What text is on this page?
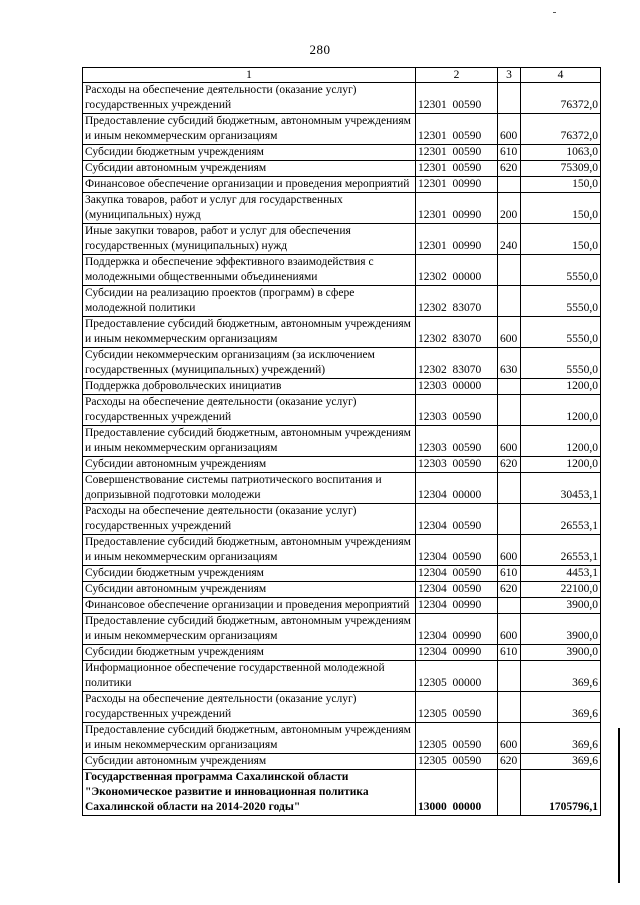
280
1	2	3	4
Расходы на обеспечение деятельности (оказание услуг) государственных учреждений	12301  00590		76372,0
Предоставление субсидий бюджетным, автономным учреждениям и иным некоммерческим организациям	12301  00590	600	76372,0
Субсидии бюджетным учреждениям	12301  00590	610	1063,0
Субсидии автономным учреждениям	12301  00590	620	75309,0
Финансовое обеспечение организации и проведения мероприятий	12301  00990		150,0
Закупка товаров, работ и услуг для государственных (муниципальных) нужд	12301  00990	200	150,0
Иные закупки товаров, работ и услуг для обеспечения государственных (муниципальных) нужд	12301  00990	240	150,0
Поддержка и обеспечение эффективного взаимодействия с молодежными общественными объединениями	12302  00000		5550,0
Субсидии на реализацию проектов (программ) в сфере молодежной политики	12302  83070		5550,0
Предоставление субсидий бюджетным, автономным учреждениям и иным некоммерческим организациям	12302  83070	600	5550,0
Субсидии некоммерческим организациям (за исключением государственных (муниципальных) учреждений)	12302  83070	630	5550,0
Поддержка добровольческих инициатив	12303  00000		1200,0
Расходы на обеспечение деятельности (оказание услуг) государственных учреждений	12303  00590		1200,0
Предоставление субсидий бюджетным, автономным учреждениям и иным некоммерческим организациям	12303  00590	600	1200,0
Субсидии автономным учреждениям	12303  00590	620	1200,0
Совершенствование системы патриотического воспитания и допризывной подготовки молодежи	12304  00000		30453,1
Расходы на обеспечение деятельности (оказание услуг) государственных учреждений	12304  00590		26553,1
Предоставление субсидий бюджетным, автономным учреждениям и иным некоммерческим организациям	12304  00590	600	26553,1
Субсидии бюджетным учреждениям	12304  00590	610	4453,1
Субсидии автономным учреждениям	12304  00590	620	22100,0
Финансовое обеспечение организации и проведения мероприятий	12304  00990		3900,0
Предоставление субсидий бюджетным, автономным учреждениям и иным некоммерческим организациям	12304  00990	600	3900,0
Субсидии бюджетным учреждениям	12304  00990	610	3900,0
Информационное обеспечение государственной молодежной политики	12305  00000		369,6
Расходы на обеспечение деятельности (оказание услуг) государственных учреждений	12305  00590		369,6
Предоставление субсидий бюджетным, автономным учреждениям и иным некоммерческим организациям	12305  00590	600	369,6
Субсидии автономным учреждениям	12305  00590	620	369,6
Государственная программа Сахалинской области "Экономическое развитие и инновационная политика Сахалинской области на 2014-2020 годы"	13000  00000		1705796,1
